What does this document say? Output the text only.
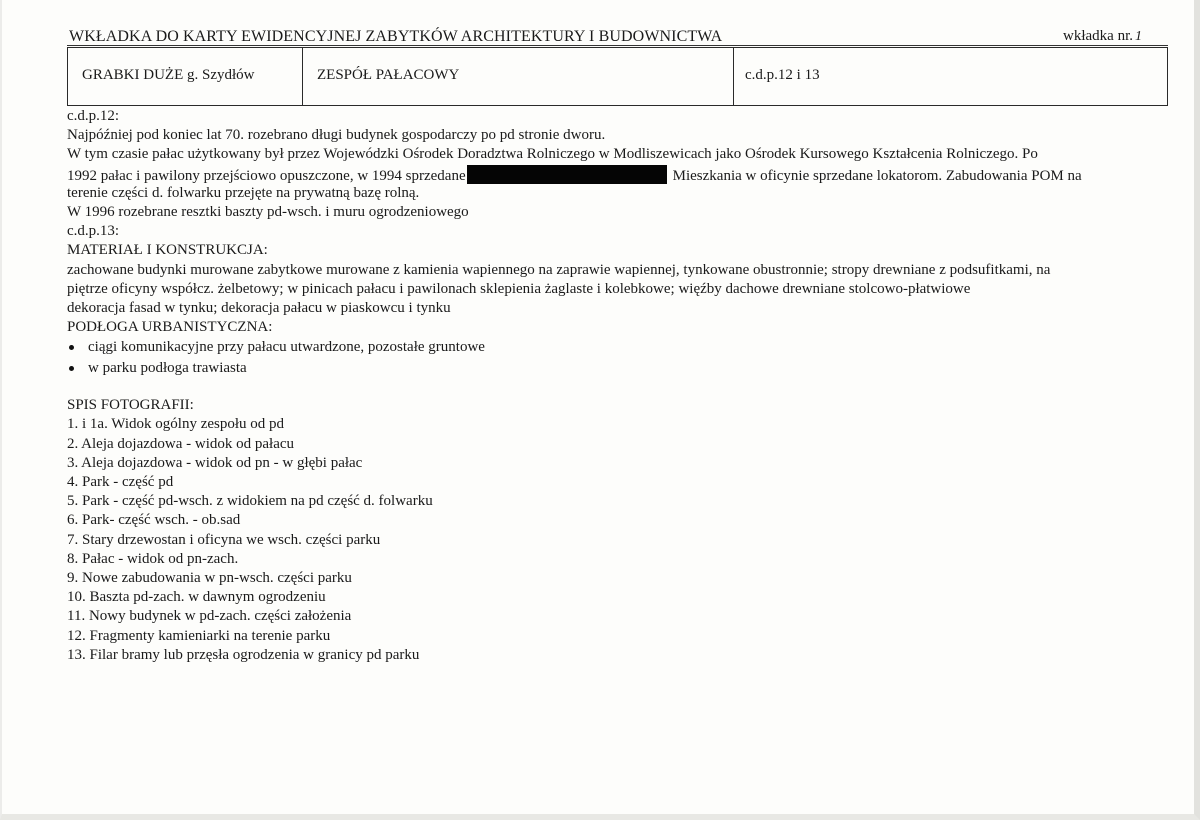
WKŁADKA DO KARTY EWIDENCYJNEJ ZABYTKÓW ARCHITEKTURY I BUDOWNICTWA	wkładka nr. 1
GRABKI DUŻE g. Szydłów	ZESPÓŁ PAŁACOWY	c.d.p.12 i 13
c.d.p.12:
Najpóźniej pod koniec lat 70. rozebrano długi budynek gospodarczy po pd stronie dworu.
W tym czasie pałac użytkowany był przez Wojewódzki Ośrodek Doradztwa Rolniczego w Modliszewicach jako Ośrodek Kursowego Kształcenia Rolniczego. Po
1992 pałac i pawilony przejściowo opuszczone, w 1994 sprzedane	Mieszkania w oficynie sprzedane lokatorom. Zabudowania POM na
terenie części d. folwarku przejęte na prywatną bazę rolną.
W 1996 rozebrane resztki baszty pd-wsch. i muru ogrodzeniowego
c.d.p.13:
MATERIAŁ I KONSTRUKCJA:
zachowane budynki murowane zabytkowe murowane z kamienia wapiennego na zaprawie wapiennej, tynkowane obustronnie; stropy drewniane z podsufitkami, na
piętrze oficyny współcz. żelbetowy; w pinicach pałacu i pawilonach sklepienia żaglaste i kolebkowe; więźby dachowe drewniane stolcowo-płatwiowe
dekoracja fasad w tynku; dekoracja pałacu w piaskowcu i tynku
PODŁOGA URBANISTYCZNA:
ciągi komunikacyjne przy pałacu utwardzone, pozostałe gruntowe
w parku podłoga trawiasta
SPIS FOTOGRAFII:
1. i 1a. Widok ogólny zespołu od pd
2. Aleja dojazdowa - widok od pałacu
3. Aleja dojazdowa - widok od pn - w głębi pałac
4. Park - część pd
5. Park - część pd-wsch. z widokiem na pd część d. folwarku
6. Park- część wsch. - ob.sad
7. Stary drzewostan i oficyna we wsch. części parku
8. Pałac - widok od pn-zach.
9. Nowe zabudowania w pn-wsch. części parku
10. Baszta pd-zach. w dawnym ogrodzeniu
11. Nowy budynek w pd-zach. części założenia
12. Fragmenty kamieniarki na terenie parku
13. Filar bramy lub przęsła ogrodzenia w granicy pd parku
